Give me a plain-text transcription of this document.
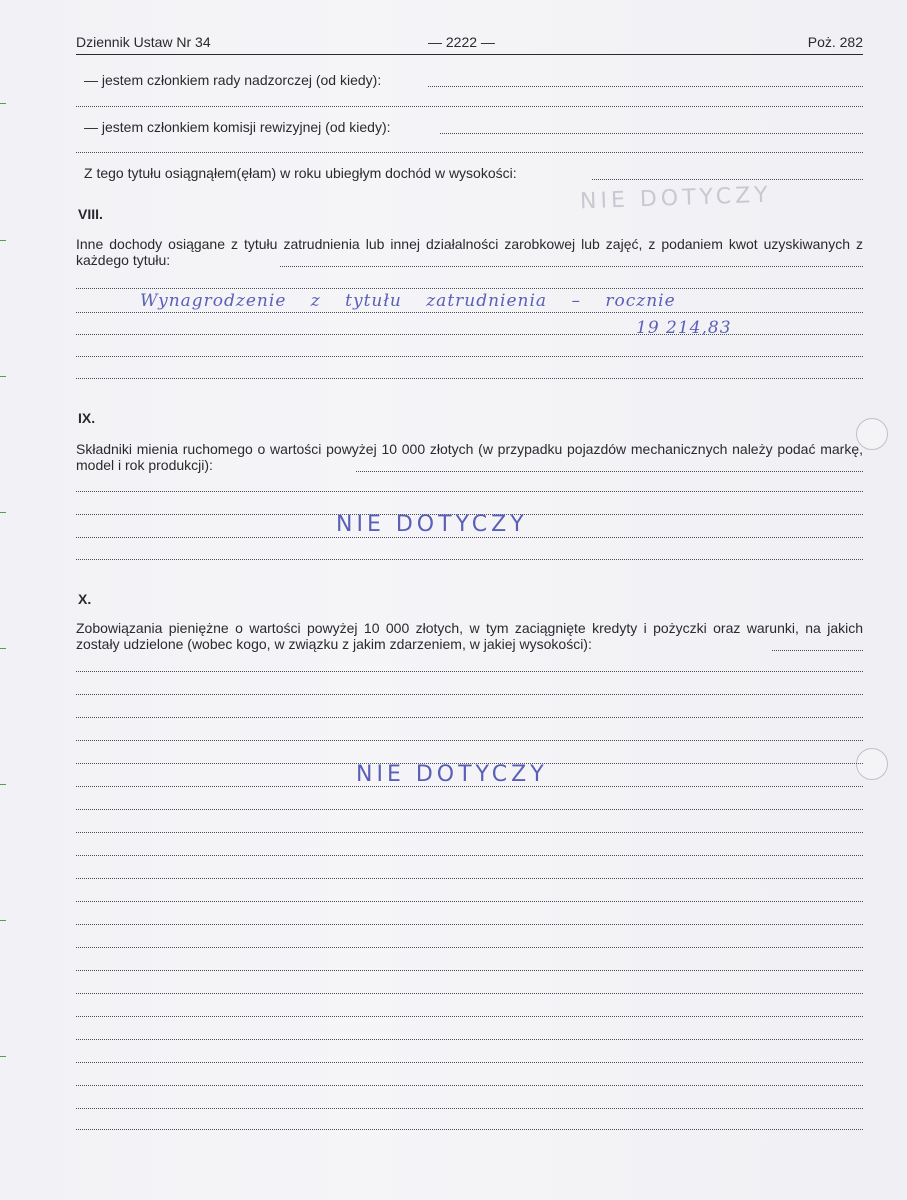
Dziennik Ustaw Nr 34	— 2222 —	Poż. 282
— jestem członkiem rady nadzorczej (od kiedy):
— jestem członkiem komisji rewizyjnej (od kiedy):
Z tego tytułu osiągnąłem(ęłam) w roku ubiegłym dochód w wysokości:
NIE DOTYCZY
VIII.
Inne dochody osiągane z tytułu zatrudnienia lub innej działalności zarobkowej lub zajęć, z podaniem kwot uzyskiwanych z każdego tytułu:
Wynagrodzenie z tytułu zatrudnienia – rocznie
19 214,83
IX.
Składniki mienia ruchomego o wartości powyżej 10 000 złotych (w przypadku pojazdów mechanicznych należy podać markę, model i rok produkcji):
NIE DOTYCZY
X.
Zobowiązania pieniężne o wartości powyżej 10 000 złotych, w tym zaciągnięte kredyty i pożyczki oraz warunki, na jakich zostały udzielone (wobec kogo, w związku z jakim zdarzeniem, w jakiej wysokości):
NIE DOTYCZY
